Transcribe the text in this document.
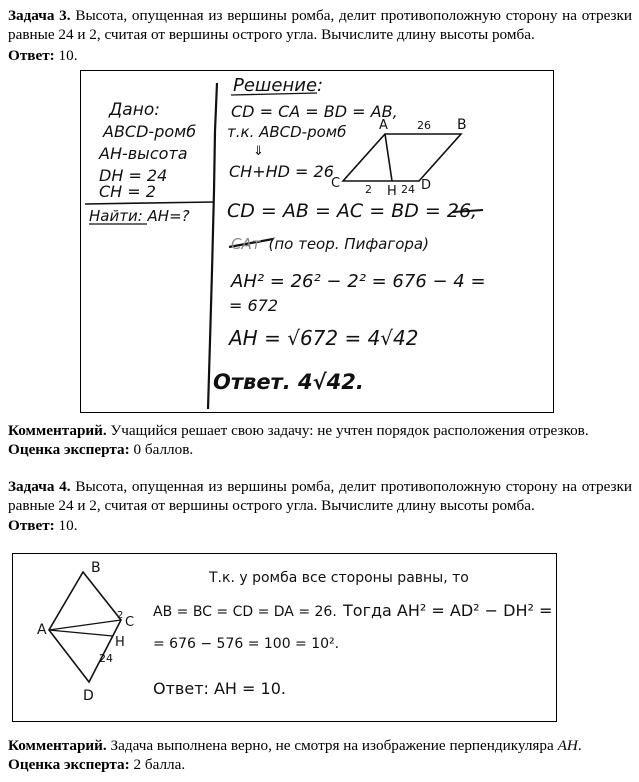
Задача 3. Высота, опущенная из вершины ромба, делит противоположную сторону на отрезки равные 24 и 2, считая от вершины острого угла. Вычислите длину высоты ромба.
Ответ: 10.
Дано:
ABCD-ромб
AH-высота
DH = 24
CH = 2
Найти: AH=?
Решение:
CD = CA = BD = AB,
т.к. ABCD-ромб
⇓
CH+HD = 26
CD = AB = AC = BD = 26,
САт (по теор. Пифагора)
AH² = 26² − 2² = 676 − 4 =
= 672
AH = √672 = 4√42
Ответ. 4√42.
A	B
C
H D
26
2	24
Комментарий. Учащийся решает свою задачу: не учтен порядок расположения отрезков.
Оценка эксперта: 0 баллов.
Задача 4. Высота, опущенная из вершины ромба, делит противоположную сторону на отрезки равные 24 и 2, считая от вершины острого угла. Вычислите длину высоты ромба.
Ответ: 10.
B
A	C
H
D
24
2
Т.к. у ромба все стороны равны, то
AB = BC = CD = DA = 26. Тогда AH² = AD² − DH² =
= 676 − 576 = 100 = 10².
Ответ: AH = 10.
Комментарий. Задача выполнена верно, не смотря на изображение перпендикуляра AH.
Оценка эксперта: 2 балла.
